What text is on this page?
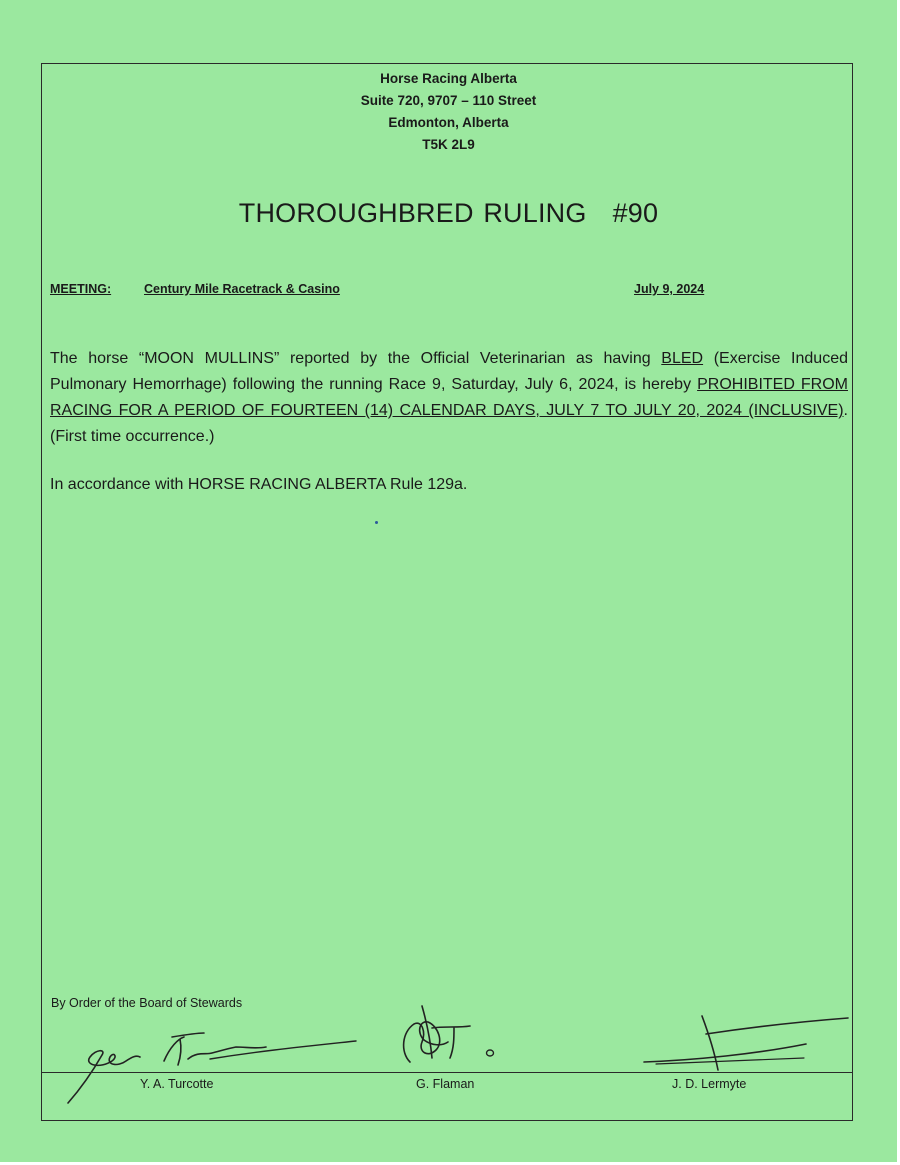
Horse Racing Alberta
Suite 720, 9707 – 110 Street
Edmonton, Alberta
T5K 2L9
THOROUGHBRED RULING #90
MEETING:	Century Mile Racetrack & Casino	July 9, 2024

The horse “MOON MULLINS” reported by the Official Veterinarian as having BLED (Exercise Induced Pulmonary Hemorrhage) following the running Race 9, Saturday, July 6, 2024, is hereby PROHIBITED FROM RACING FOR A PERIOD OF FOURTEEN (14) CALENDAR DAYS, JULY 7 TO JULY 20, 2024 (INCLUSIVE). (First time occurrence.)

In accordance with HORSE RACING ALBERTA Rule 129a.
By Order of the Board of Stewards
Y. A. Turcotte	G. Flaman	J. D. Lermyte
